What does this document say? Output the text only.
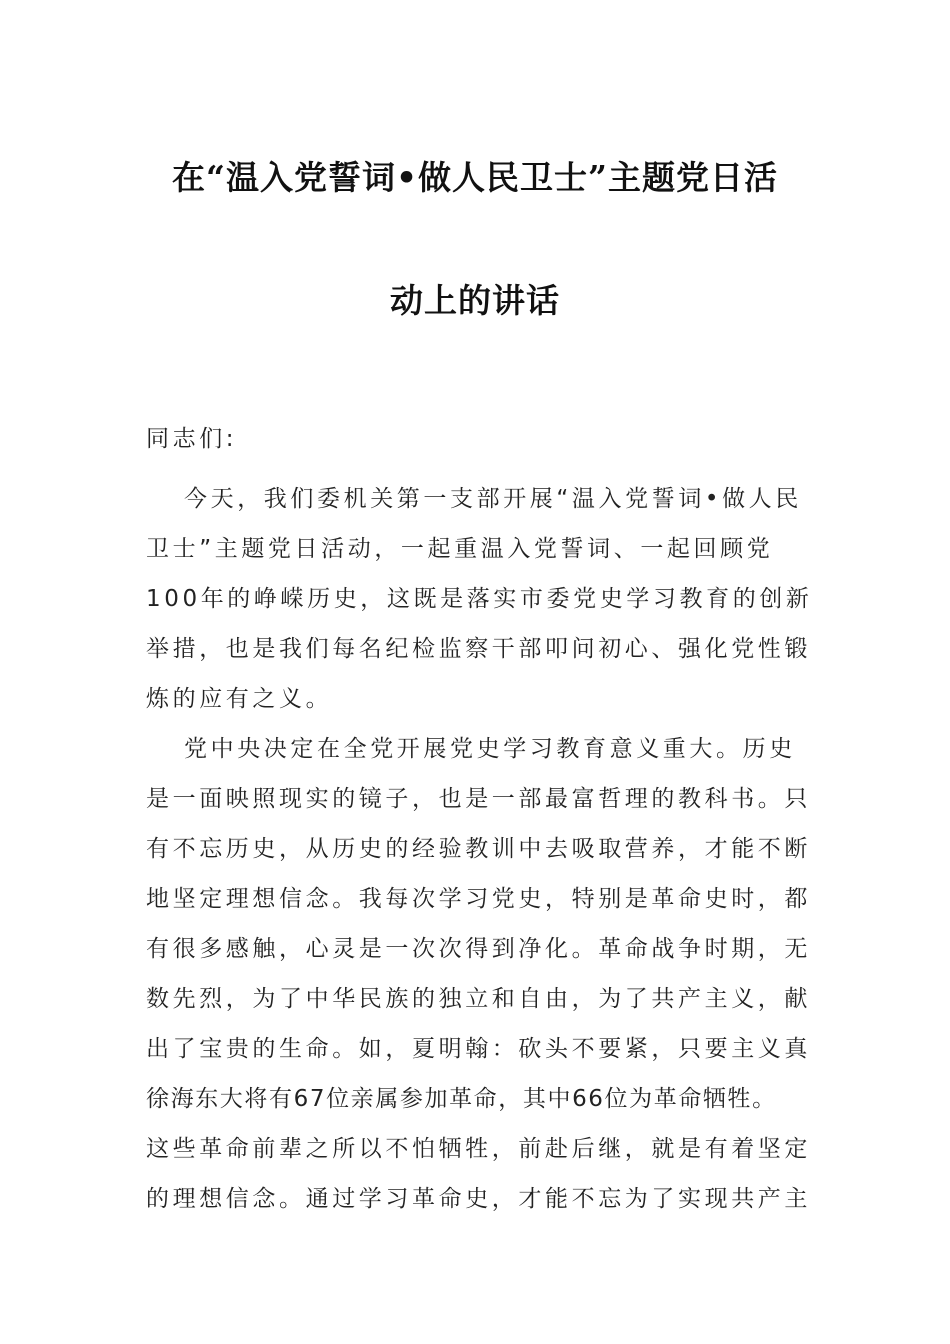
在“温入党誓词•做人民卫士”主题党日活
动上的讲话
同志们:
今天，我们委机关第一支部开展“温入党誓词•做人民
卫士”主题党日活动，一起重温入党誓词、一起回顾党
100年的峥嵘历史，这既是落实市委党史学习教育的创新
举措，也是我们每名纪检监察干部叩问初心、强化党性锻
炼的应有之义。
党中央决定在全党开展党史学习教育意义重大。历史
是一面映照现实的镜子，也是一部最富哲理的教科书。只
有不忘历史，从历史的经验教训中去吸取营养，才能不断
地坚定理想信念。我每次学习党史，特别是革命史时，都
有很多感触，心灵是一次次得到净化。革命战争时期，无
数先烈，为了中华民族的独立和自由，为了共产主义，献
出了宝贵的生命。如，夏明翰：砍头不要紧，只要主义真
徐海东大将有67位亲属参加革命，其中66位为革命牺牲。
这些革命前辈之所以不怕牺牲，前赴后继，就是有着坚定
的理想信念。通过学习革命史，才能不忘为了实现共产主
